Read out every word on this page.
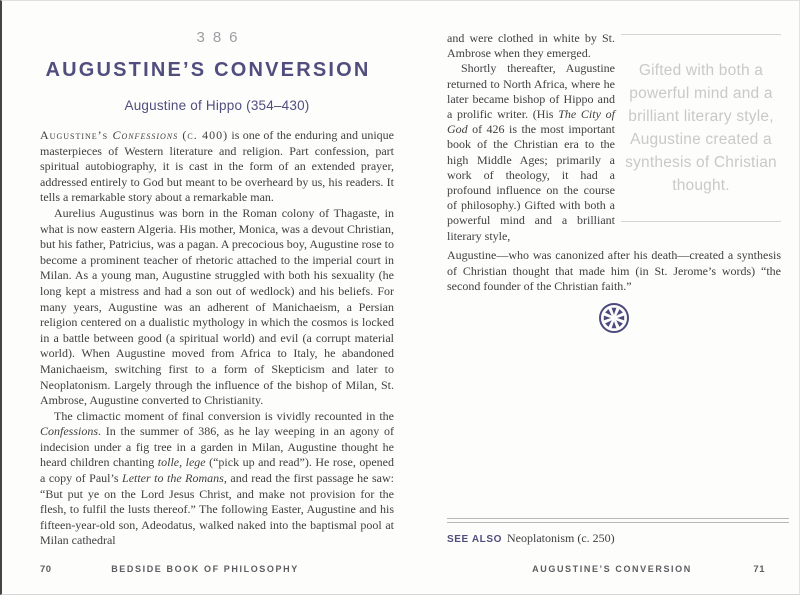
386
AUGUSTINE’S CONVERSION
Augustine of Hippo (354–430)

Augustine’s Confessions (c. 400) is one of the enduring and unique masterpieces of Western literature and religion. Part confession, part spiritual autobiography, it is cast in the form of an extended prayer, addressed entirely to God but meant to be overheard by us, his readers. It tells a remarkable story about a remarkable man.

Aurelius Augustinus was born in the Roman colony of Thagaste, in what is now eastern Algeria. His mother, Monica, was a devout Christian, but his father, Patricius, was a pagan. A precocious boy, Augustine rose to become a prominent teacher of rhetoric attached to the imperial court in Milan. As a young man, Augustine struggled with both his sexuality (he long kept a mistress and had a son out of wedlock) and his beliefs. For many years, Augustine was an adherent of Manichaeism, a Persian religion centered on a dualistic mythology in which the cosmos is locked in a battle between good (a spiritual world) and evil (a corrupt material world). When Augustine moved from Africa to Italy, he abandoned Manichaeism, switching first to a form of Skepticism and later to Neoplatonism. Largely through the influence of the bishop of Milan, St. Ambrose, Augustine converted to Christianity.

The climactic moment of final conversion is vividly recounted in the Confessions. In the summer of 386, as he lay weeping in an agony of indecision under a fig tree in a garden in Milan, Augustine thought he heard children chanting tolle, lege (“pick up and read”). He rose, opened a copy of Paul’s Letter to the Romans, and read the first passage he saw: “But put ye on the Lord Jesus Christ, and make not provision for the flesh, to fulfil the lusts thereof.” The following Easter, Augustine and his fifteen-year-old son, Adeodatus, walked naked into the baptismal pool at Milan cathedral

70	BEDSIDE BOOK OF PHILOSOPHY

and were clothed in white by St. Ambrose when they emerged.

Shortly thereafter, Augustine returned to North Africa, where he later became bishop of Hippo and a prolific writer. (His The City of God of 426 is the most important book of the Christian era to the high Middle Ages; primarily a work of theology, it had a profound influence on the course of philosophy.) Gifted with both a powerful mind and a brilliant literary style,

Gifted with both a powerful mind and a brilliant literary style, Augustine created a synthesis of Christian thought.

Augustine—who was canonized after his death—created a synthesis of Christian thought that made him (in St. Jerome’s words) “the second founder of the Christian faith.”

SEE ALSO Neoplatonism (c. 250)
AUGUSTINE’S CONVERSION	71
